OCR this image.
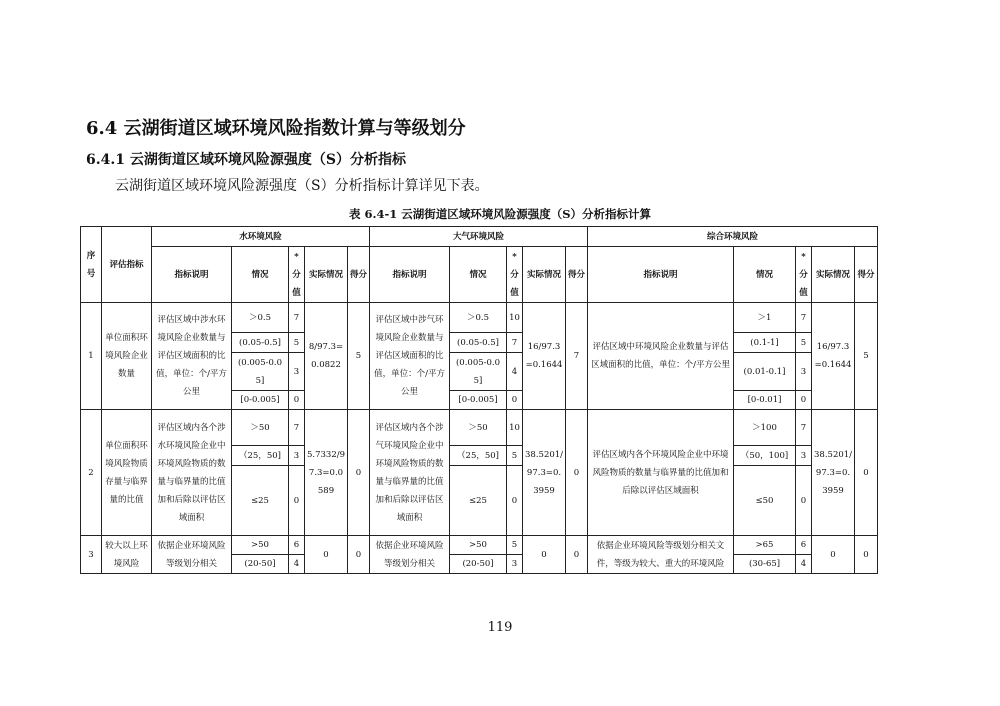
6.4 云湖街道区域环境风险指数计算与等级划分
6.4.1 云湖街道区域环境风险源强度（S）分析指标
云湖街道区域环境风险源强度（S）分析指标计算详见下表。
表 6.4-1 云湖街道区域环境风险源强度（S）分析指标计算
序号	评估指标	水环境风险					大气环境风险					综合环境风险				
		指标说明	情况	*分值	实际情况	得分	指标说明	情况	*分值	实际情况	得分	指标说明	情况	*分值	实际情况	得分
1	单位面积环境风险企业数量	评估区域中涉水环境风险企业数量与评估区域面积的比值，单位：个/平方公里	＞0.5	7	8/97.3=0.0822	5	评估区域中涉气环境风险企业数量与评估区域面积的比值，单位：个/平方公里	＞0.5	10	16/97.3=0.1644	7	评估区域中环境风险企业数量与评估区域面积的比值，单位：个/平方公里	＞1	7	16/97.3=0.1644	5
			(0.05-0.5]	5				(0.05-0.5]	7				(0.1-1]	5		
			(0.005-0.05]	3				(0.005-0.05]	4				(0.01-0.1]	3		
			[0-0.005]	0				[0-0.005]	0				[0-0.01]	0		
2	单位面积环境风险物质存量与临界量的比值	评估区域内各个涉水环境风险企业中环境风险物质的数量与临界量的比值加和后除以评估区域面积	＞50	7	5.7332/97.3=0.0589	0	评估区域内各个涉气环境风险企业中环境风险物质的数量与临界量的比值加和后除以评估区域面积	＞50	10	38.5201/97.3=0.3959	0	评估区域内各个环境风险企业中环境风险物质的数量与临界量的比值加和后除以评估区域面积	＞100	7	38.5201/97.3=0.3959	0
			（25，50]	3				（25，50]	5				（50，100]	3		
			≤25	0				≤25	0				≤50	0		
3	较大以上环境风险	依据企业环境风险等级划分相关	>50	6	0	0	依据企业环境风险等级划分相关	>50	5	0	0	依据企业环境风险等级划分相关文件，等级为较大、重大的环境风险	>65	6	0	0
			(20-50]	4				(20-50]	3				(30-65]	4		
119
